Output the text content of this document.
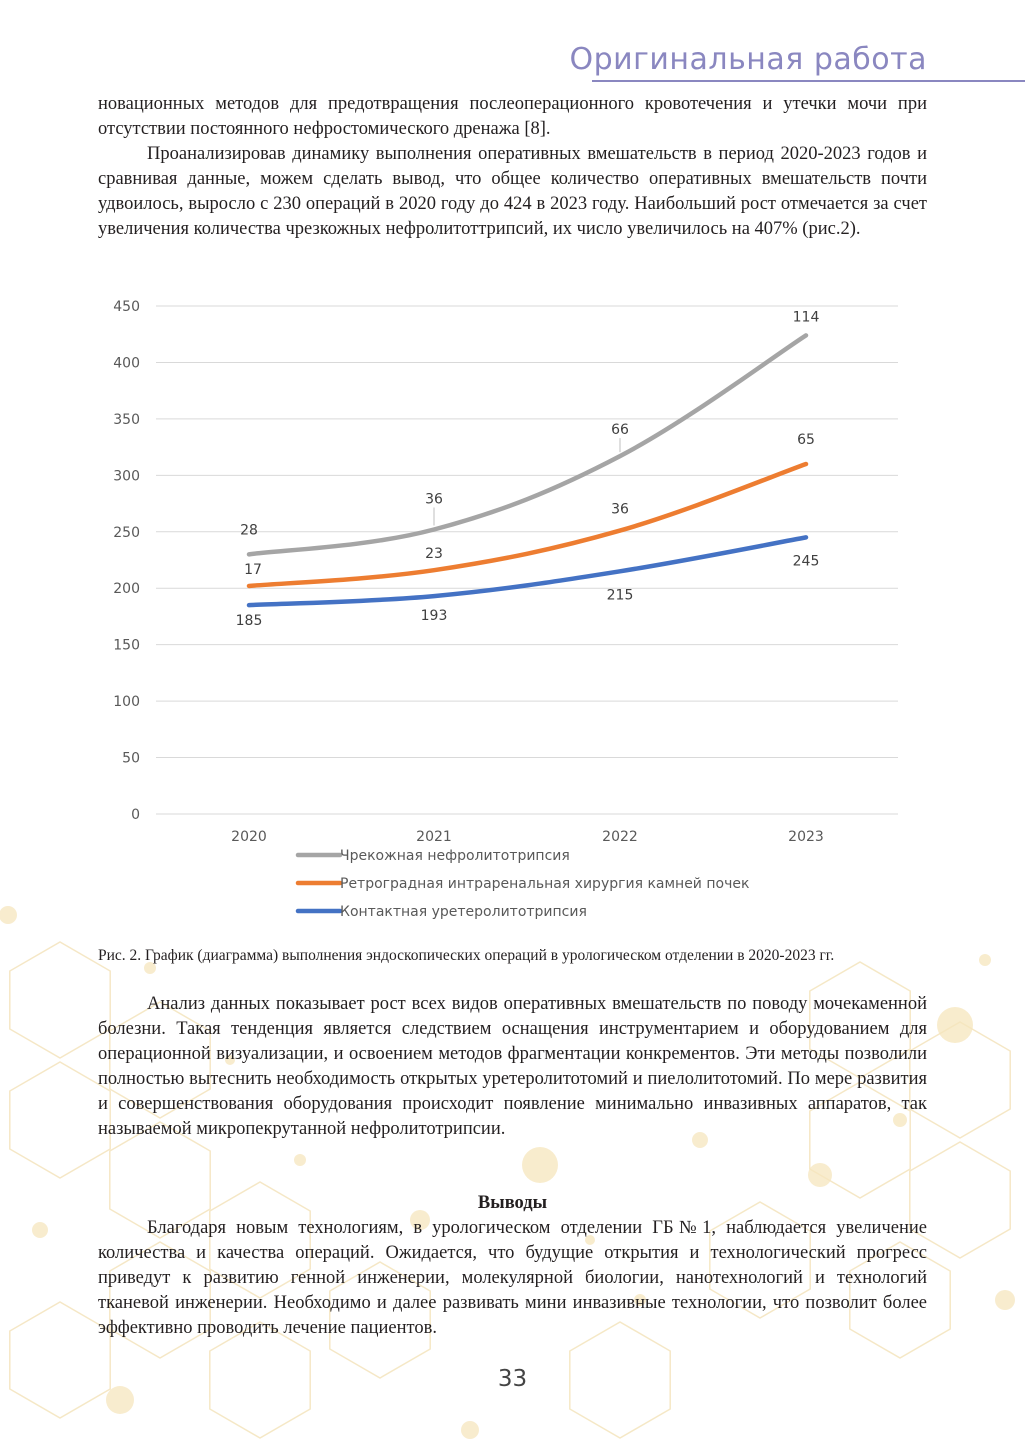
Оригинальная работа

новационных методов для предотвращения послеоперационного кровотечения и утечки мочи при отсутствии постоянного нефростомического дренажа [8].

Проанализировав динамику выполнения оперативных вмешательств в период 2020-2023 годов и сравнивая данные, можем сделать вывод, что общее количество оперативных вмешательств почти удвоилось, выросло с 230 операций в 2020 году до 424 в 2023 году. Наибольший рост отмечается за счет увеличения количества чрезкожных нефролитоттрипсий, их число увеличилось на 407% (рис.2).

0
50
100
150
200
250
300
350
400
450
2020	2021	2022	2023
28
36
66
114
17
23
36
65
185	193
215
245
Чрекожная нефролитотрипсия
Ретроградная интраренальная хирургия камней почек
Контактная уретеролитотрипсия
Рис. 2. График (диаграмма) выполнения эндоскопических операций в урологическом отделении в 2020-2023 гг.

Анализ данных показывает рост всех видов оперативных вмешательств по поводу мочекаменной болезни. Такая тенденция является следствием оснащения инструментарием и оборудованием для операционной визуализации, и освоением методов фрагментации конкрементов. Эти методы позволили полностью вытеснить необходимость открытых уретеролитотомий и пиелолитотомий. По мере развития и совершенствования оборудования происходит появление минимально инвазивных аппаратов, так называемой микропекрутанной нефролитотрипсии.

Выводы

Благодаря новым технологиям, в урологическом отделении ГБ№1, наблюдается увеличение количества и качества операций. Ожидается, что будущие открытия и технологический прогресс приведут к развитию генной инженерии, молекулярной биологии, нанотехнологий и технологий тканевой инженерии. Необходимо и далее развивать мини инвазивные технологии, что позволит более эффективно проводить лечение пациентов.

33
